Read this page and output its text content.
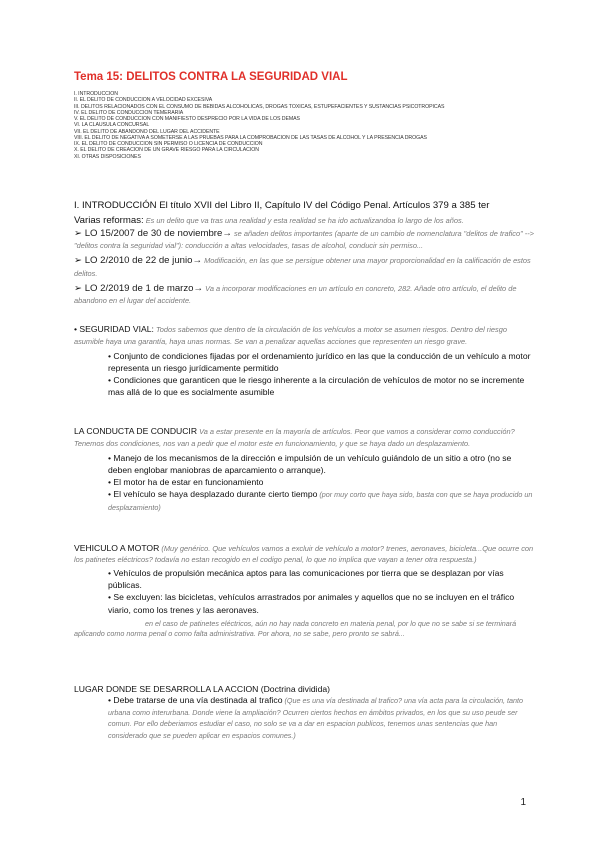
Tema 15: DELITOS CONTRA LA SEGURIDAD VIAL
I. INTRODUCCION
II. EL DELITO DE CONDUCCION A VELOCIDAD EXCESIVA
III. DELITOS RELACIONADOS CON EL CONSUMO DE BEBIDAS ALCOHOLICAS, DROGAS TOXICAS, ESTUPEFACIENTES Y SUSTANCIAS PSICOTROPICAS
IV. EL DELITO DE CONDUCCION TEMERARIA
V. EL DELITO DE CONDUCCION CON MANIFIESTO DESPRECIO POR LA VIDA DE LOS DEMAS
VI. LA CLAUSULA CONCURSAL
VII. EL DELITO DE ABANDONO DEL LUGAR DEL ACCIDENTE
VIII. EL DELITO DE NEGATIVA A SOMETERSE A LAS PRUEBAS PARA LA COMPROBACION DE LAS TASAS DE ALCOHOL Y LA PRESENCIA DROGAS
IX. EL DELITO DE CONDUCCION SIN PERMISO O LICENCIA DE CONDUCCION
X. EL DELITO DE CREACION DE UN GRAVE RIESGO PARA LA CIRCULACION
XI. OTRAS DISPOSICIONES
I. INTRODUCCIÓN El título XVII del Libro II, Capítulo IV del Código Penal. Artículos 379 a 385 ter
Varias reformas: Es un delito que va tras una realidad y esta realidad se ha ido actualizandoa lo largo de los años.
➢ LO 15/2007 de 30 de noviembre→ se añaden delitos importantes (aparte de un cambio de nomenclatura "delitos de trafico" --> "delitos contra la seguridad vial"): conducción a altas velocidades, tasas de alcohol, conducir sin permiso...
➢ LO 2/2010 de 22 de junio→ Modificación, en las que se persigue obtener una mayor proporcionalidad en la calificación de estos delitos.
➢ LO 2/2019 de 1 de marzo→ Va a incorporar modificaciones en un artículo en concreto, 282. Añade otro artículo, el delito de abandono en el lugar del accidente.
• SEGURIDAD VIAL: Todos sabemos que dentro de la circulación de los vehículos a motor se asumen riesgos. Dentro del riesgo asumible haya una garantía, haya unas normas. Se van a penalizar aquellas acciones que representen un riesgo grave.
• Conjunto de condiciones fijadas por el ordenamiento jurídico en las que la conducción de un vehículo a motor representa un riesgo jurídicamente permitido
• Condiciones que garanticen que le riesgo inherente a la circulación de vehículos de motor no se incremente mas allá de lo que es socialmente asumible
LA CONDUCTA DE CONDUCIR Va a estar presente en la mayoría de artículos. Peor que vamos a considerar como conducción? Tenemos dos condiciones, nos van a pedir que el motor este en funcionamiento, y que se haya dado un desplazamiento.
• Manejo de los mecanismos de la dirección e impulsión de un vehículo guiándolo de un sitio a otro (no se deben englobar maniobras de aparcamiento o arranque).
• El motor ha de estar en funcionamiento
• El vehículo se haya desplazado durante cierto tiempo (por muy corto que haya sido, basta con que se haya producido un desplazamiento)
VEHICULO A MOTOR (Muy genérico. Que vehículos vamos a excluir de vehículo a motor? trenes, aeronaves, bicicleta...Que ocurre con los patinetes eléctricos? todavía no estan recogido en el codigo penal, lo que no implica que vayan a tener otra respuesta.)
• Vehículos de propulsión mecánica aptos para las comunicaciones por tierra que se desplazan por vías públicas.
• Se excluyen: las bicicletas, vehículos arrastrados por animales y aquellos que no se incluyen en el tráfico viario, como los trenes y las aeronaves.
en el caso de patinetes eléctricos, aún no hay nada concreto en materia penal, por lo que no se sabe si se terminará aplicando como norma penal o como falta administrativa. Por ahora, no se sabe, pero pronto se sabrá...
LUGAR DONDE SE DESARROLLA LA ACCION (Doctrina dividida)
• Debe tratarse de una vía destinada al trafico (Que es una vía destinada al trafico? una vía acta para la circulación, tanto urbana como interurbana. Donde viene la ampliación? Ocurren ciertos hechos en ámbitos privados, en los que su uso peude ser comun. Por ello deberiamos estudiar el caso, no solo se va a dar en espacion publicos, tenemos unas sentencias que han considerado que se pueden aplicar en espacios comunes.)
1
